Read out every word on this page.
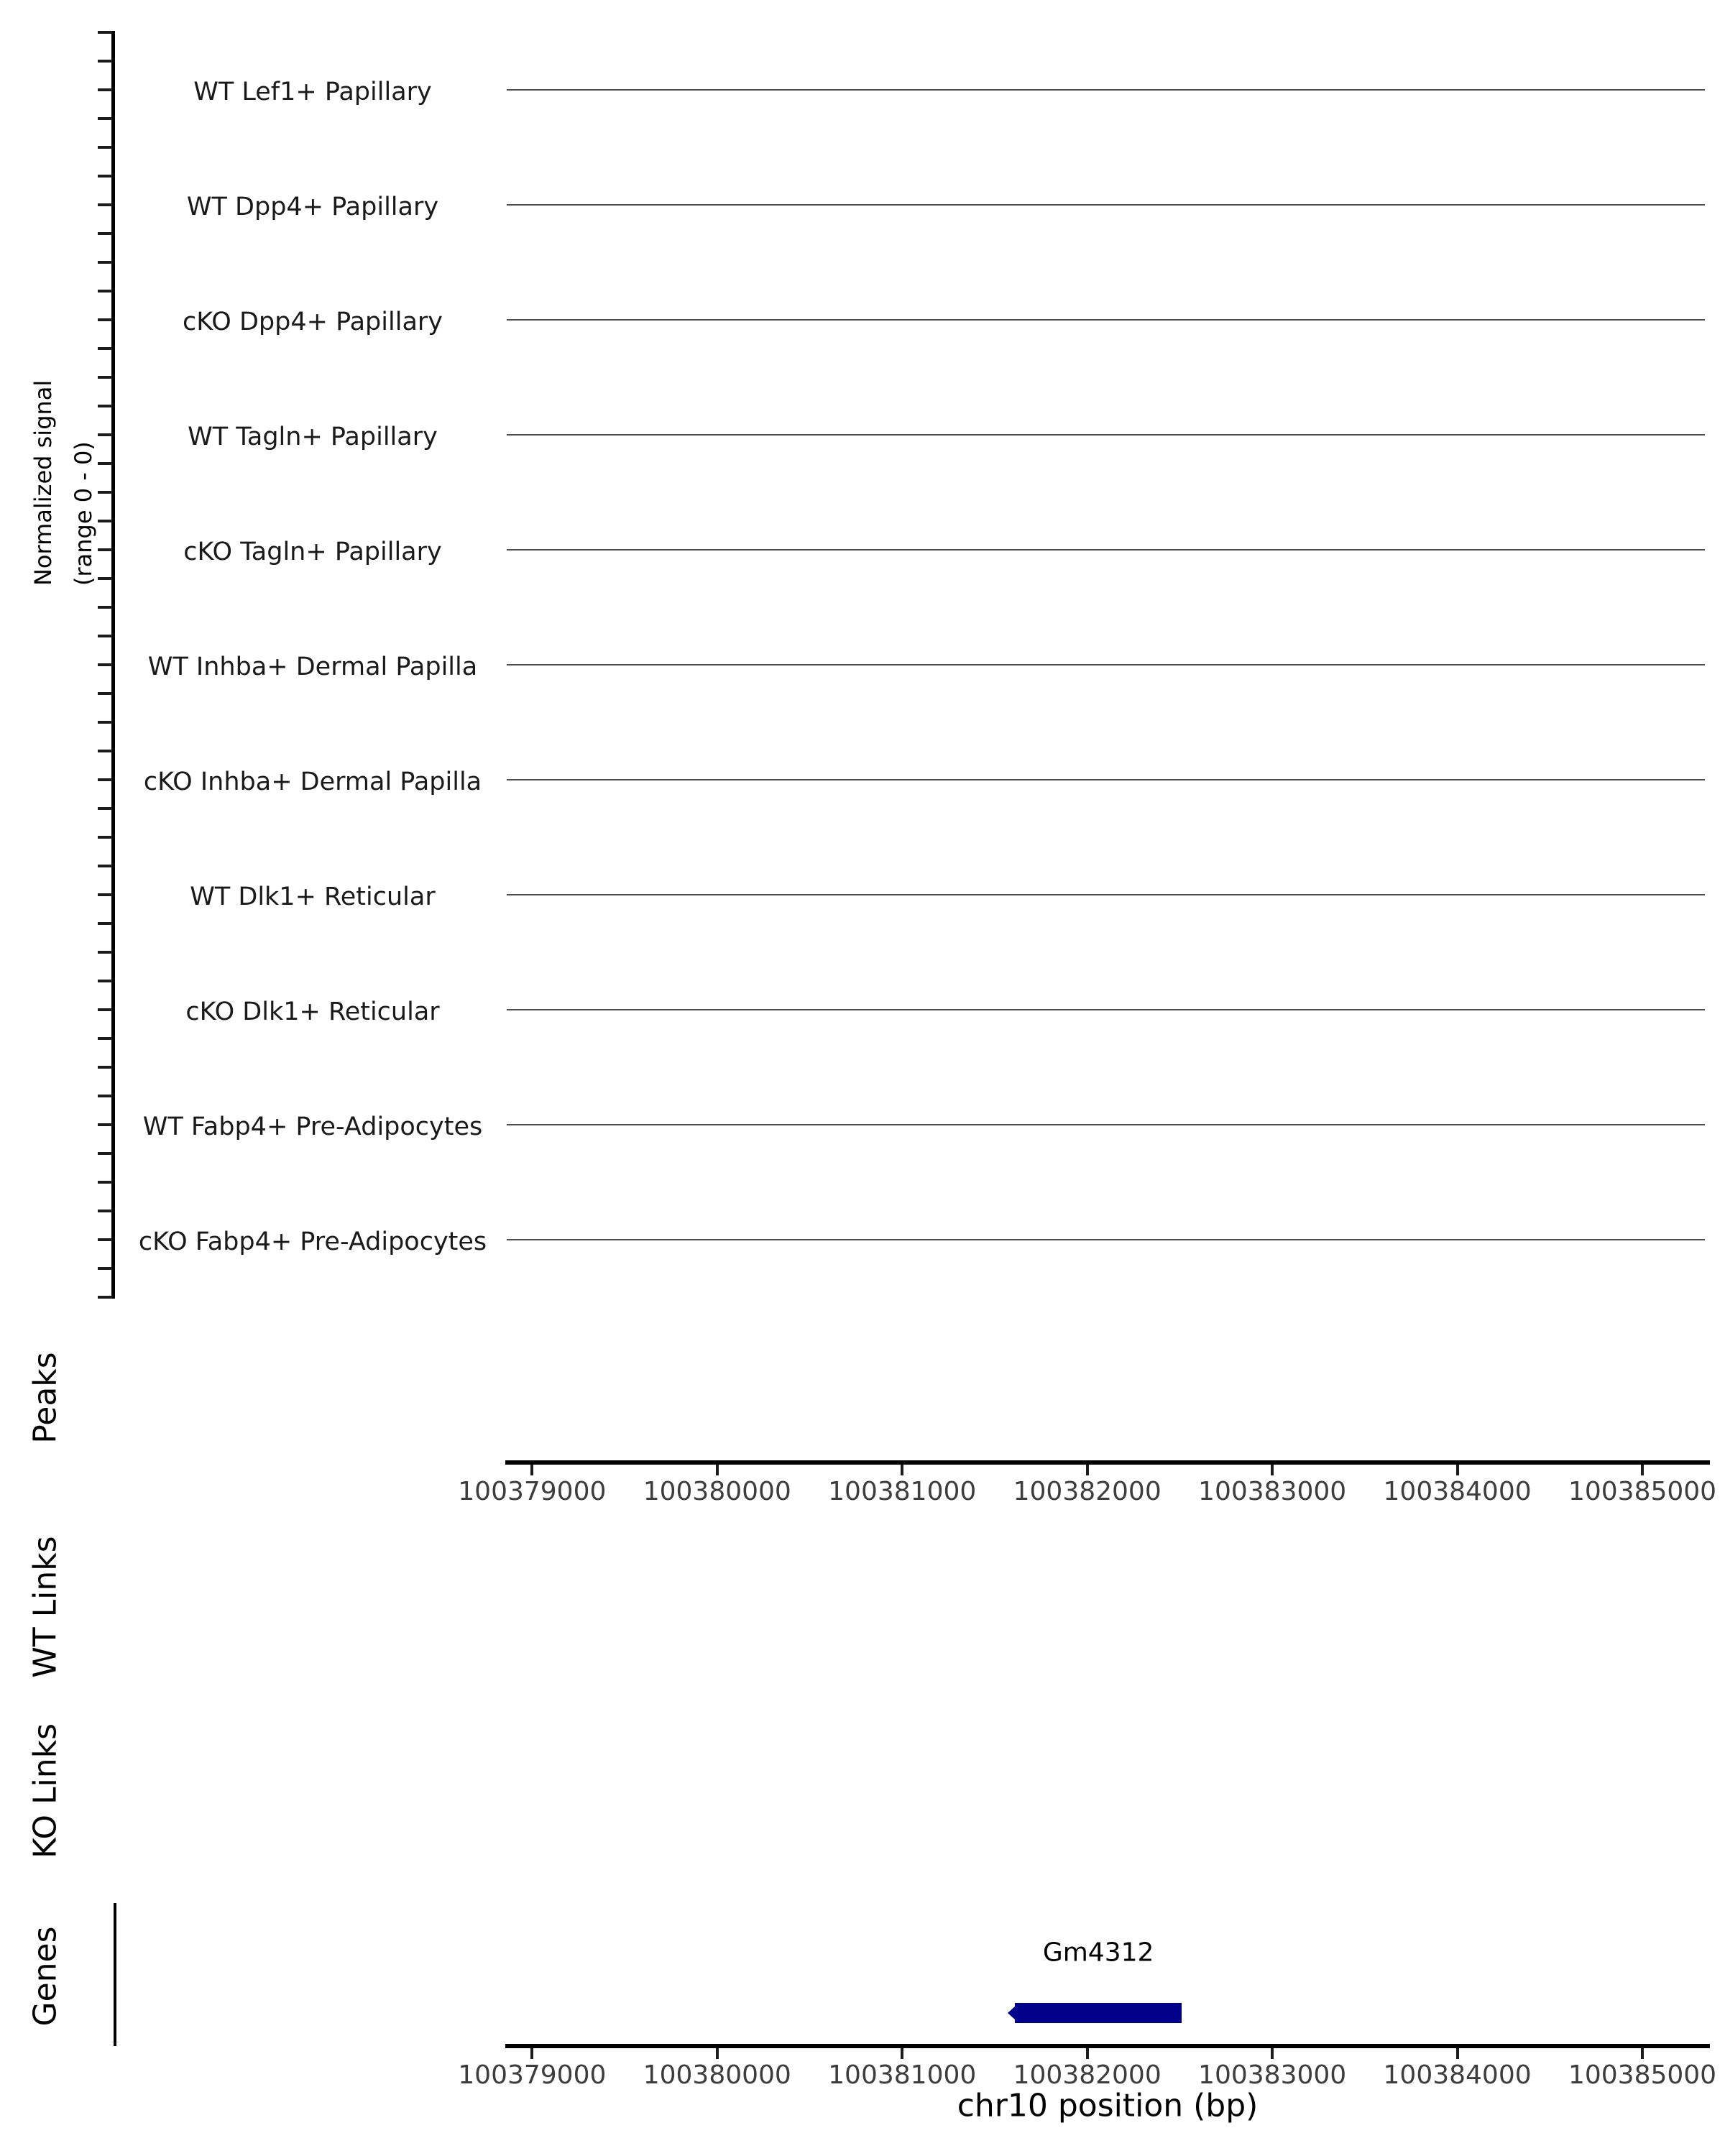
Normalized signal (range 0 - 0)
WT Lef1+ Papillary
WT Dpp4+ Papillary
cKO Dpp4+ Papillary
WT Tagln+ Papillary
cKO Tagln+ Papillary
WT Inhba+ Dermal Papilla
cKO Inhba+ Dermal Papilla
WT Dlk1+ Reticular
cKO Dlk1+ Reticular
WT Fabp4+ Pre-Adipocytes
cKO Fabp4+ Pre-Adipocytes
Peaks
WT Links
KO Links
Genes
100379000 100380000 100381000 100382000 100383000 100384000 100385000
Gm4312
100379000 100380000 100381000 100382000 100383000 100384000 100385000
chr10 position (bp)
